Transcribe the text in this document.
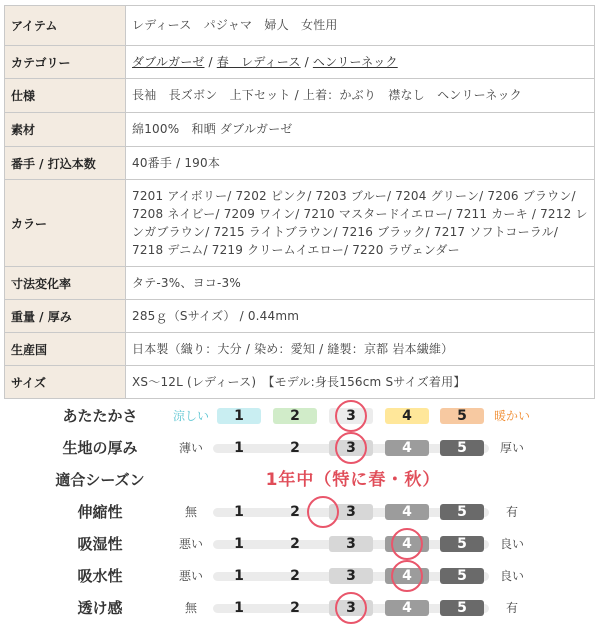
アイテム	レディース　パジャマ　婦人　女性用
カテゴリー	ダブルガーゼ / 春　レディース / ヘンリーネック
仕様	長袖　長ズボン　上下セット / 上着：かぶり　襟なし　ヘンリーネック
素材	綿100%　和晒 ダブルガーゼ
番手 / 打込本数	40番手 / 190本
カラー	7201 アイボリー/ 7202 ピンク/ 7203 ブルー/ 7204 グリーン/ 7206 ブラウン/ 7208 ネイビー/ 7209 ワイン/ 7210 マスタードイエロー/ 7211 カーキ / 7212 レンガブラウン/ 7215 ライトブラウン/ 7216 ブラック/ 7217 ソフトコーラル/ 7218 デニム/ 7219 クリームイエロー/ 7220 ラヴェンダー
寸法変化率	タテ-3%、ヨコ-3%
重量 / 厚み	285ｇ（Sサイズ） / 0.44mm
生産国	日本製（織り：大分 / 染め：愛知 / 縫製：京都 岩本繊維）
サイズ	XS～12L (レディース)　【モデル:身長156cm Sサイズ着用】
あたたかさ	涼しい	暖かい
1	2	3	4	5
生地の厚み	薄い	厚い
1	2	3	4	5
適合シーズン	1年中（特に春・秋）
伸縮性	無	有
1	2	3	4	5
吸湿性	悪い	良い
1	2	3	4	5
吸水性	悪い	良い
1	2	3	4	5
透け感	無	有
1	2	3	4	5
